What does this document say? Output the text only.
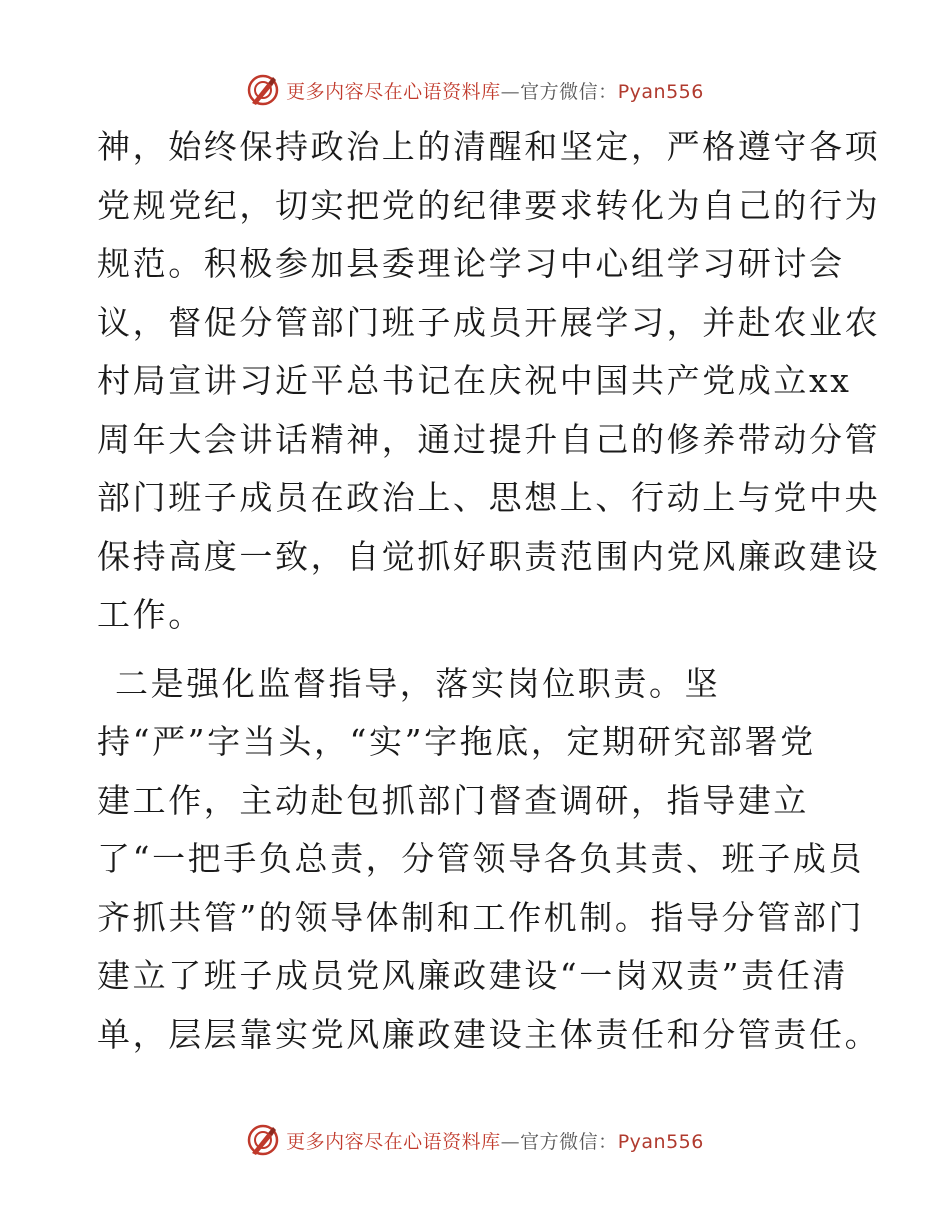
更多内容尽在心语资料库—官方微信：Pyan556
神，始终保持政治上的清醒和坚定，严格遵守各项
党规党纪，切实把党的纪律要求转化为自己的行为
规范。积极参加县委理论学习中心组学习研讨会
议，督促分管部门班子成员开展学习，并赴农业农
村局宣讲习近平总书记在庆祝中国共产党成立xx
周年大会讲话精神，通过提升自己的修养带动分管
部门班子成员在政治上、思想上、行动上与党中央
保持高度一致，自觉抓好职责范围内党风廉政建设
工作。
二是强化监督指导，落实岗位职责。坚
持“严”字当头，“实”字拖底，定期研究部署党
建工作，主动赴包抓部门督查调研，指导建立
了“一把手负总责，分管领导各负其责、班子成员
齐抓共管”的领导体制和工作机制。指导分管部门
建立了班子成员党风廉政建设“一岗双责”责任清
单，层层靠实党风廉政建设主体责任和分管责任。
更多内容尽在心语资料库—官方微信：Pyan556
